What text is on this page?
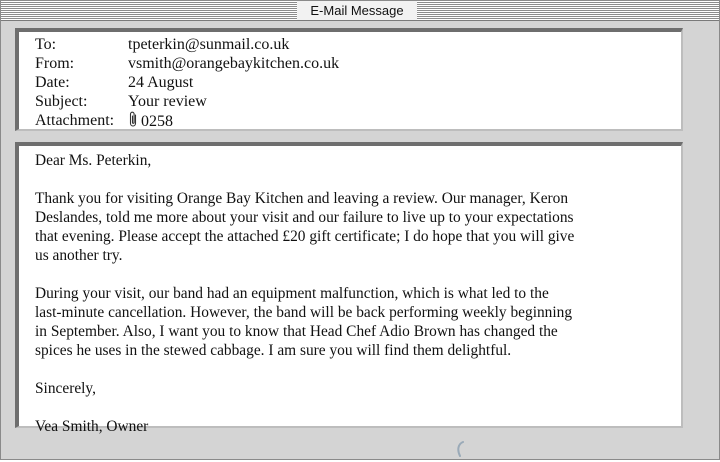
E-Mail Message
To:	tpeterkin@sunmail.co.uk
From:	vsmith@orangebaykitchen.co.uk
Date:	24 August
Subject:	Your review
Attachment:	0258

Dear Ms. Peterkin,

Thank you for visiting Orange Bay Kitchen and leaving a review. Our manager, Keron
Deslandes, told me more about your visit and our failure to live up to your expectations
that evening. Please accept the attached £20 gift certificate; I do hope that you will give
us another try.

During your visit, our band had an equipment malfunction, which is what led to the
last-minute cancellation. However, the band will be back performing weekly beginning
in September. Also, I want you to know that Head Chef Adio Brown has changed the
spices he uses in the stewed cabbage. I am sure you will find them delightful.

Sincerely,

Vea Smith, Owner
